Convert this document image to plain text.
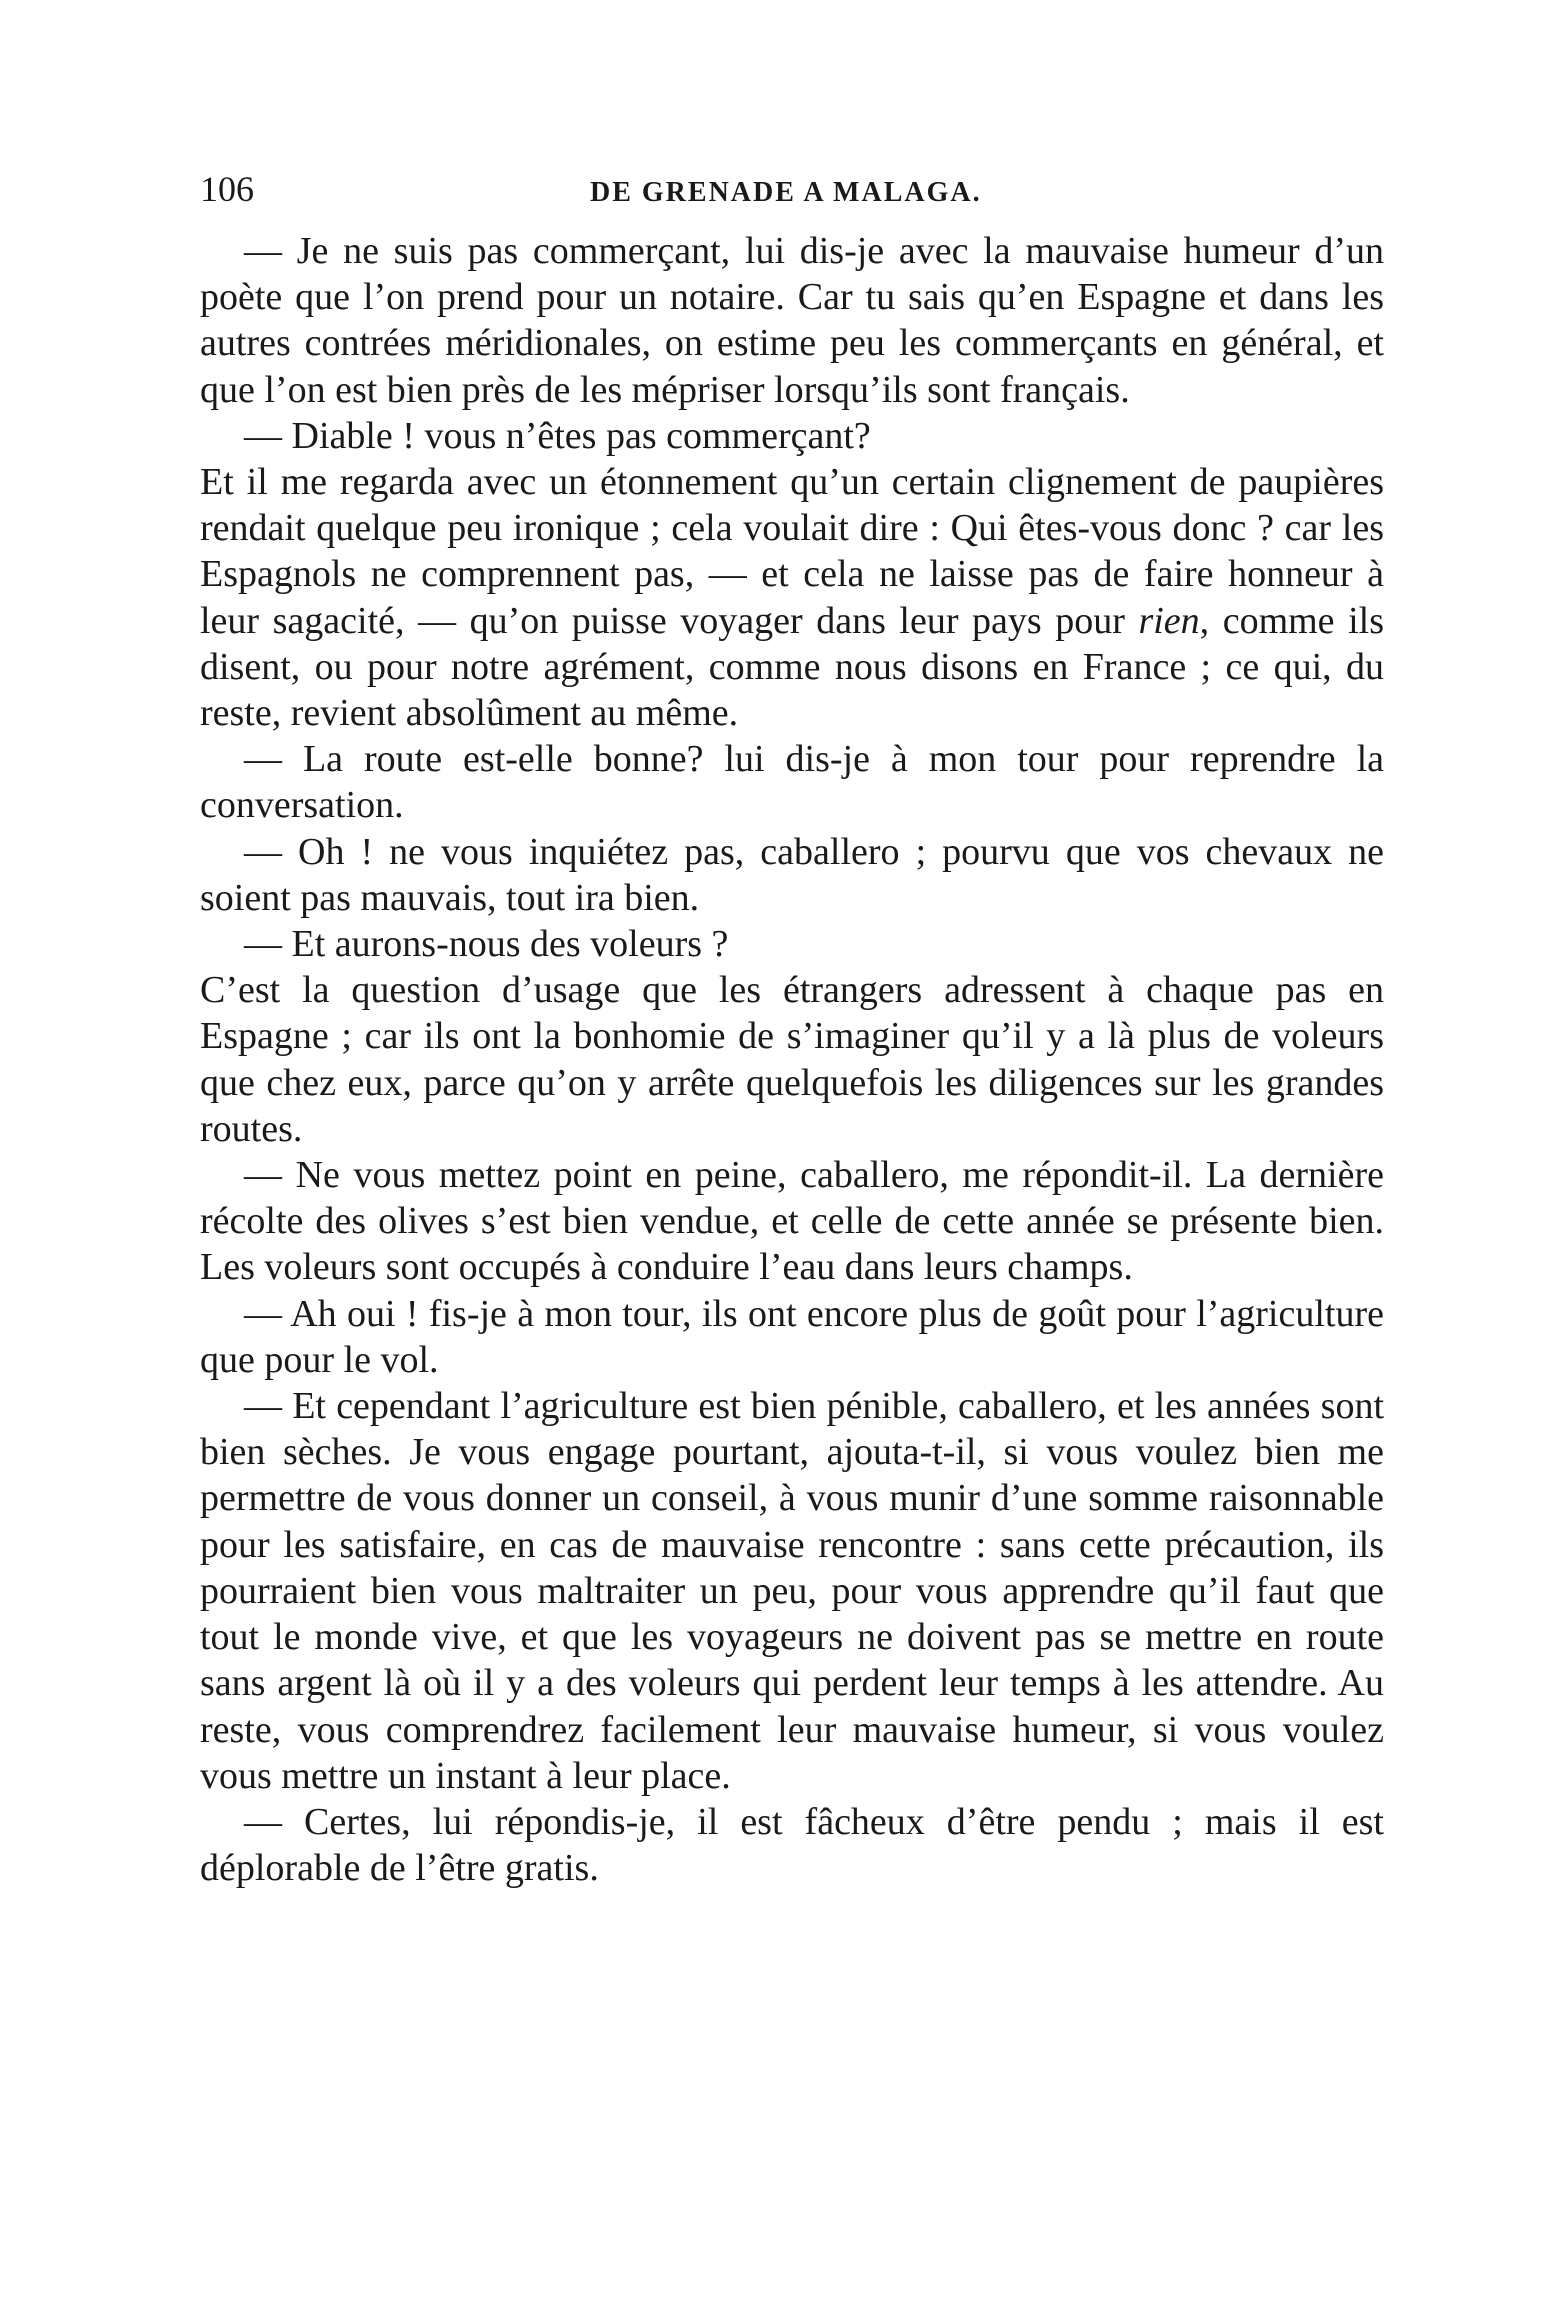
106	DE GRENADE A MALAGA.

— Je ne suis pas commerçant, lui dis-je avec la mauvaise humeur d’un poète que l’on prend pour un notaire. Car tu sais qu’en Espagne et dans les autres contrées méridionales, on estime peu les commerçants en général, et que l’on est bien près de les mépriser lorsqu’ils sont français.

— Diable ! vous n’êtes pas commerçant?

Et il me regarda avec un étonnement qu’un certain clignement de paupières rendait quelque peu ironique ; cela voulait dire : Qui êtes-vous donc ? car les Espagnols ne comprennent pas, — et cela ne laisse pas de faire honneur à leur sagacité, — qu’on puisse voyager dans leur pays pour rien, comme ils disent, ou pour notre agrément, comme nous disons en France ; ce qui, du reste, revient absolûment au même.

— La route est-elle bonne? lui dis-je à mon tour pour reprendre la conversation.

— Oh ! ne vous inquiétez pas, caballero ; pourvu que vos chevaux ne soient pas mauvais, tout ira bien.

— Et aurons-nous des voleurs ?

C’est la question d’usage que les étrangers adressent à chaque pas en Espagne ; car ils ont la bonhomie de s’imaginer qu’il y a là plus de voleurs que chez eux, parce qu’on y arrête quelquefois les diligences sur les grandes routes.

— Ne vous mettez point en peine, caballero, me répondit-il. La dernière récolte des olives s’est bien vendue, et celle de cette année se présente bien. Les voleurs sont occupés à conduire l’eau dans leurs champs.

— Ah oui ! fis-je à mon tour, ils ont encore plus de goût pour l’agriculture que pour le vol.

— Et cependant l’agriculture est bien pénible, caballero, et les années sont bien sèches. Je vous engage pourtant, ajouta-t-il, si vous voulez bien me permettre de vous donner un conseil, à vous munir d’une somme raisonnable pour les satisfaire, en cas de mauvaise rencontre : sans cette précaution, ils pourraient bien vous maltraiter un peu, pour vous apprendre qu’il faut que tout le monde vive, et que les voyageurs ne doivent pas se mettre en route sans argent là où il y a des voleurs qui perdent leur temps à les attendre. Au reste, vous comprendrez facilement leur mauvaise humeur, si vous voulez vous mettre un instant à leur place.

— Certes, lui répondis-je, il est fâcheux d’être pendu ; mais il est déplorable de l’être gratis.
